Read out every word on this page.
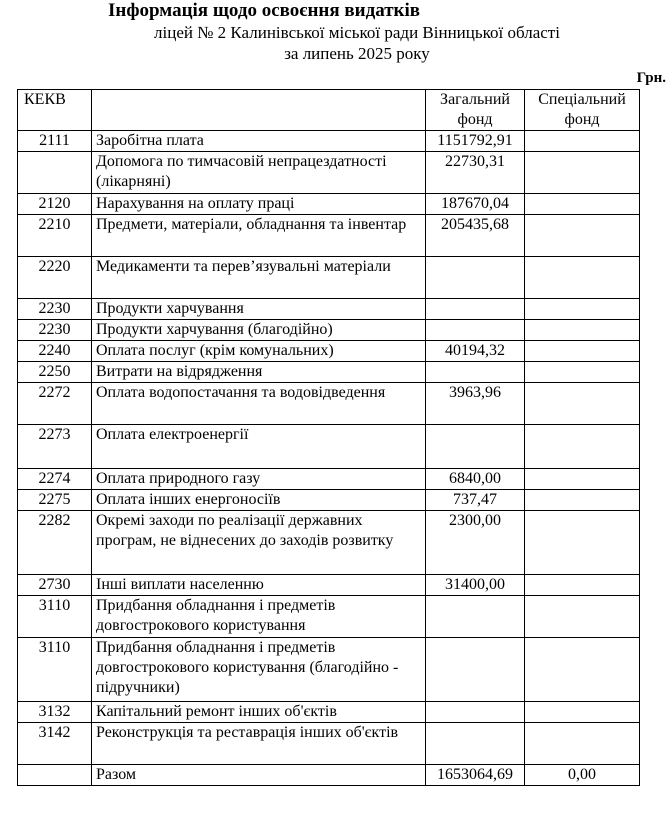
Інформація щодо освоєння видатків
ліцей № 2 Калинівської міської ради Вінницької області
за липень 2025 року
Грн.
КЕКВ		Загальний фонд	Спеціальний фонд
2111	Заробітна плата	1151792,91	
	Допомога по тимчасовій непрацездатності (лікарняні)	22730,31	
2120	Нарахування на оплату праці	187670,04	
2210	Предмети, матеріали, обладнання та інвентар	205435,68	
2220	Медикаменти та перев’язувальні матеріали		
2230	Продукти харчування		
2230	Продукти харчування (благодійно)		
2240	Оплата послуг (крім комунальних)	40194,32	
2250	Витрати на відрядження		
2272	Оплата водопостачання та водовідведення	3963,96	
2273	Оплата електроенергії		
2274	Оплата природного газу	6840,00	
2275	Оплата інших енергоносіїв	737,47	
2282	Окремі заходи по реалізації державних програм, не віднесених до заходів розвитку	2300,00	
2730	Інші виплати населенню	31400,00	
3110	Придбання обладнання і предметів довгострокового користування		
3110	Придбання обладнання і предметів довгострокового користування (благодійно - підручники)		
3132	Капітальний ремонт інших об'єктів		
3142	Реконструкція та реставрація інших об'єктів		
	Разом	1653064,69	0,00
